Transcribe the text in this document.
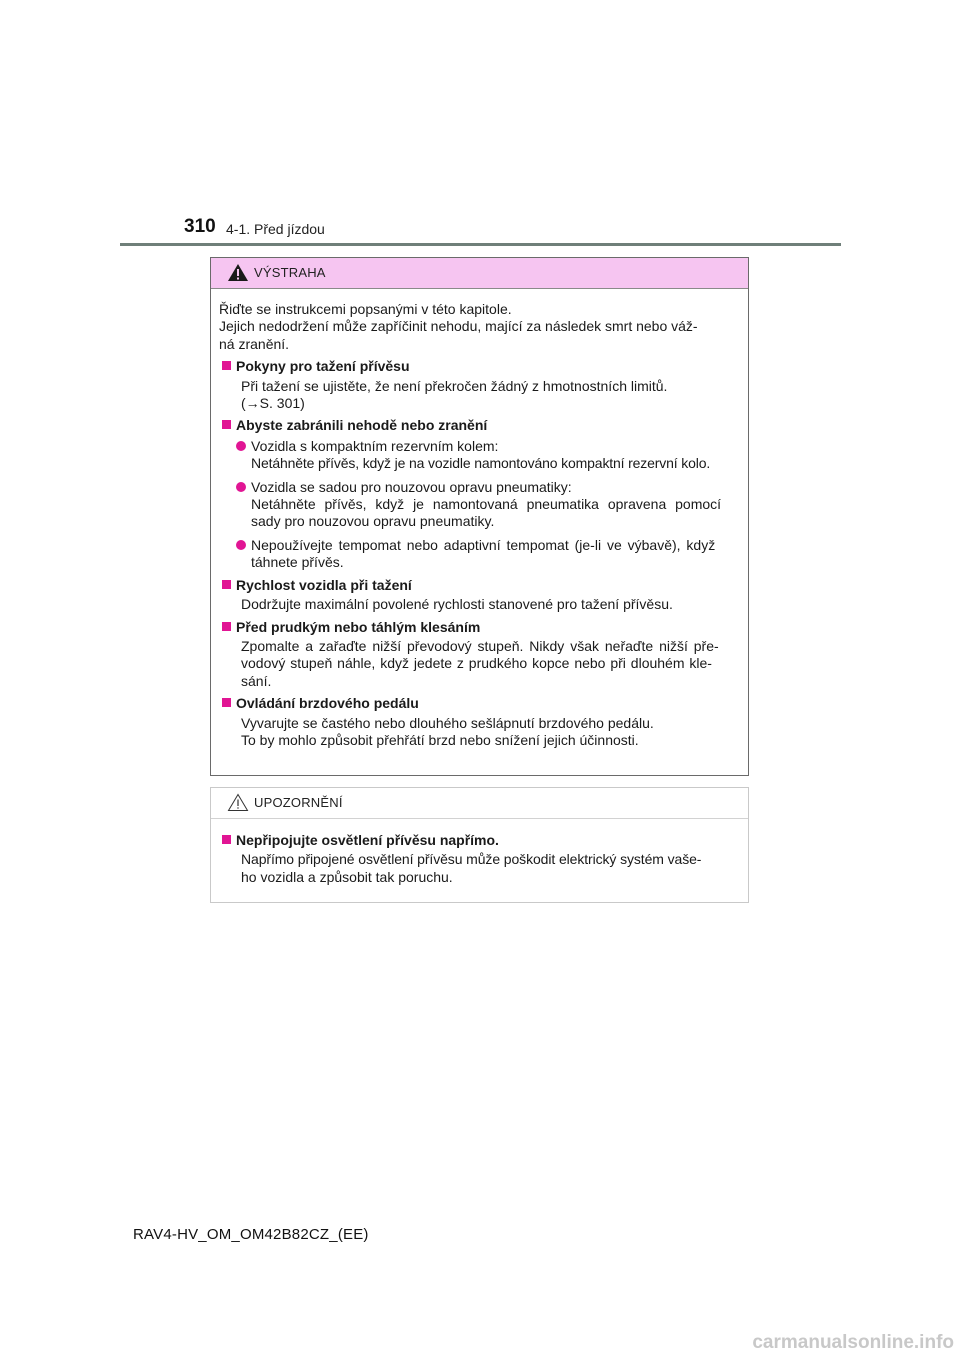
310 4-1. Před jízdou
VÝSTRAHA

Řiďte se instrukcemi popsanými v této kapitole.

Jejich nedodržení může zapříčinit nehodu, mající za následek smrt nebo váž-

ná zranění.

Pokyny pro tažení přívěsu

Při tažení se ujistěte, že není překročen žádný z hmotnostních limitů.

(→S. 301)

Abyste zabránili nehodě nebo zranění

Vozidla s kompaktním rezervním kolem:

Netáhněte přívěs, když je na vozidle namontováno kompaktní rezervní kolo.

Vozidla se sadou pro nouzovou opravu pneumatiky:

Netáhněte přívěs, když je namontovaná pneumatika opravena pomocí

sady pro nouzovou opravu pneumatiky.

Nepoužívejte tempomat nebo adaptivní tempomat (je-li ve výbavě), když

táhnete přívěs.

Rychlost vozidla při tažení

Dodržujte maximální povolené rychlosti stanovené pro tažení přívěsu.

Před prudkým nebo táhlým klesáním

Zpomalte a zařaďte nižší převodový stupeň. Nikdy však neřaďte nižší pře-

vodový stupeň náhle, když jedete z prudkého kopce nebo při dlouhém kle-

sání.

Ovládání brzdového pedálu

Vyvarujte se častého nebo dlouhého sešlápnutí brzdového pedálu.

To by mohlo způsobit přehřátí brzd nebo snížení jejich účinnosti.

UPOZORNĚNÍ
Nepřipojujte osvětlení přívěsu napřímo.

Napřímo připojené osvětlení přívěsu může poškodit elektrický systém vaše-

ho vozidla a způsobit tak poruchu.

RAV4-HV_OM_OM42B82CZ_(EE)
carmanualsonline.info
